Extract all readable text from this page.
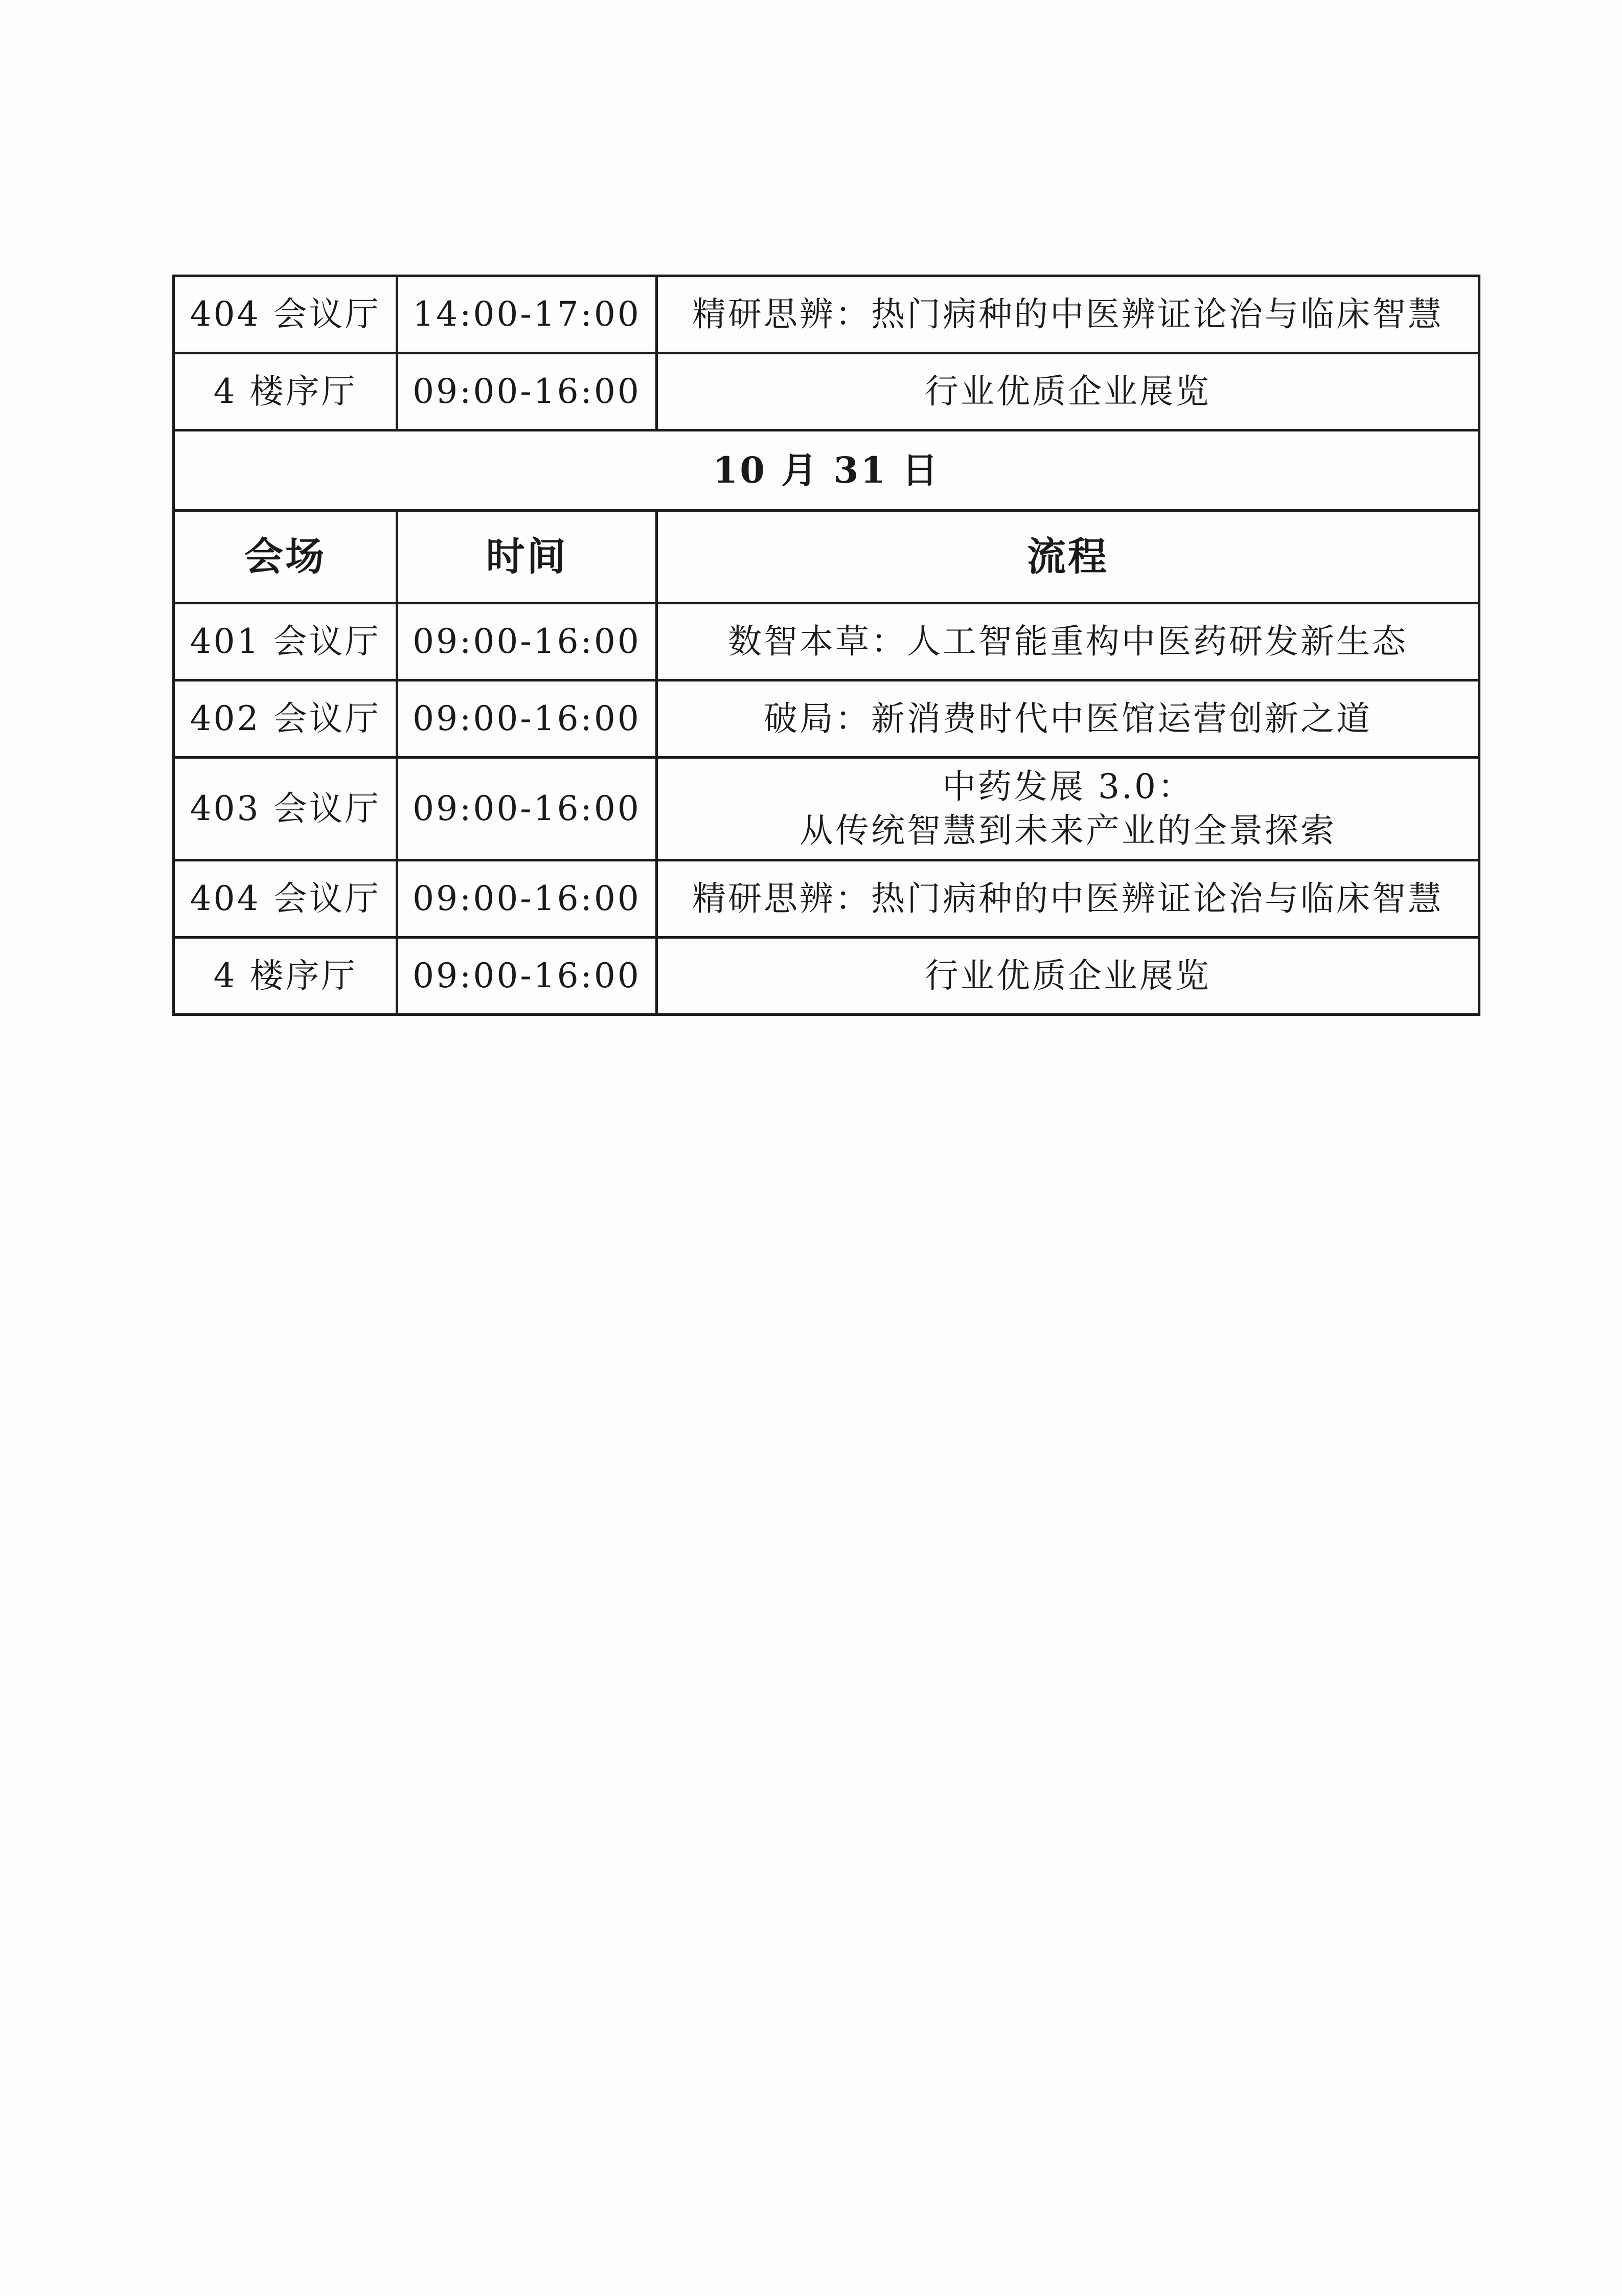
404 会议厅	14:00-17:00	精研思辨：热门病种的中医辨证论治与临床智慧
4 楼序厅	09:00-16:00	行业优质企业展览
10 月 31 日		
会场	时间	流程
401 会议厅	09:00-16:00	数智本草：人工智能重构中医药研发新生态
402 会议厅	09:00-16:00	破局：新消费时代中医馆运营创新之道
403 会议厅	09:00-16:00	中药发展 3.0：
从传统智慧到未来产业的全景探索

404 会议厅	09:00-16:00	精研思辨：热门病种的中医辨证论治与临床智慧
4 楼序厅	09:00-16:00	行业优质企业展览
